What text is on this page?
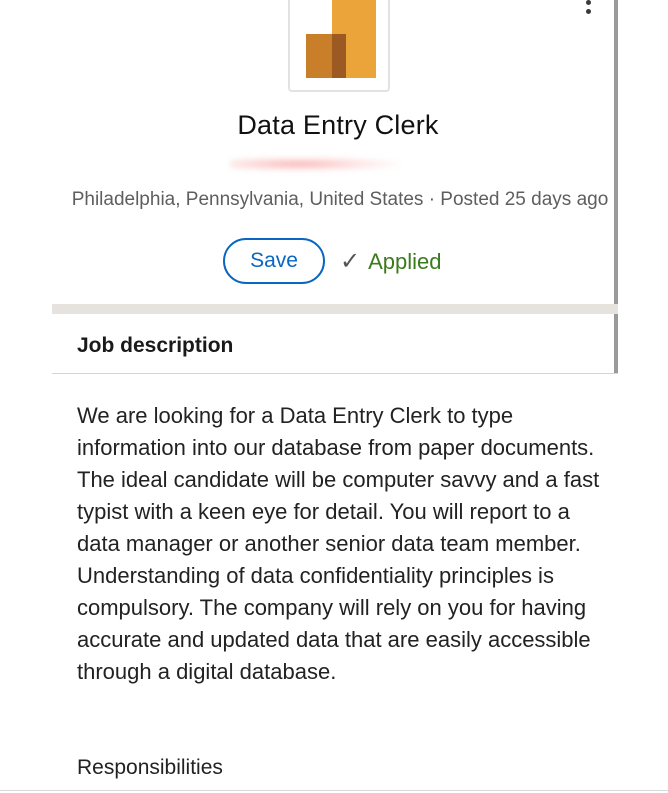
Data Entry Clerk
Philadelphia, Pennsylvania, United States · Posted 25 days ago
Save	✓ Applied
Job description

We are looking for a Data Entry Clerk to type information into our database from paper documents. The ideal candidate will be computer savvy and a fast typist with a keen eye for detail. You will report to a data manager or another senior data team member. Understanding of data confidentiality principles is compulsory. The company will rely on you for having accurate and updated data that are easily accessible through a digital database.

Responsibilities
